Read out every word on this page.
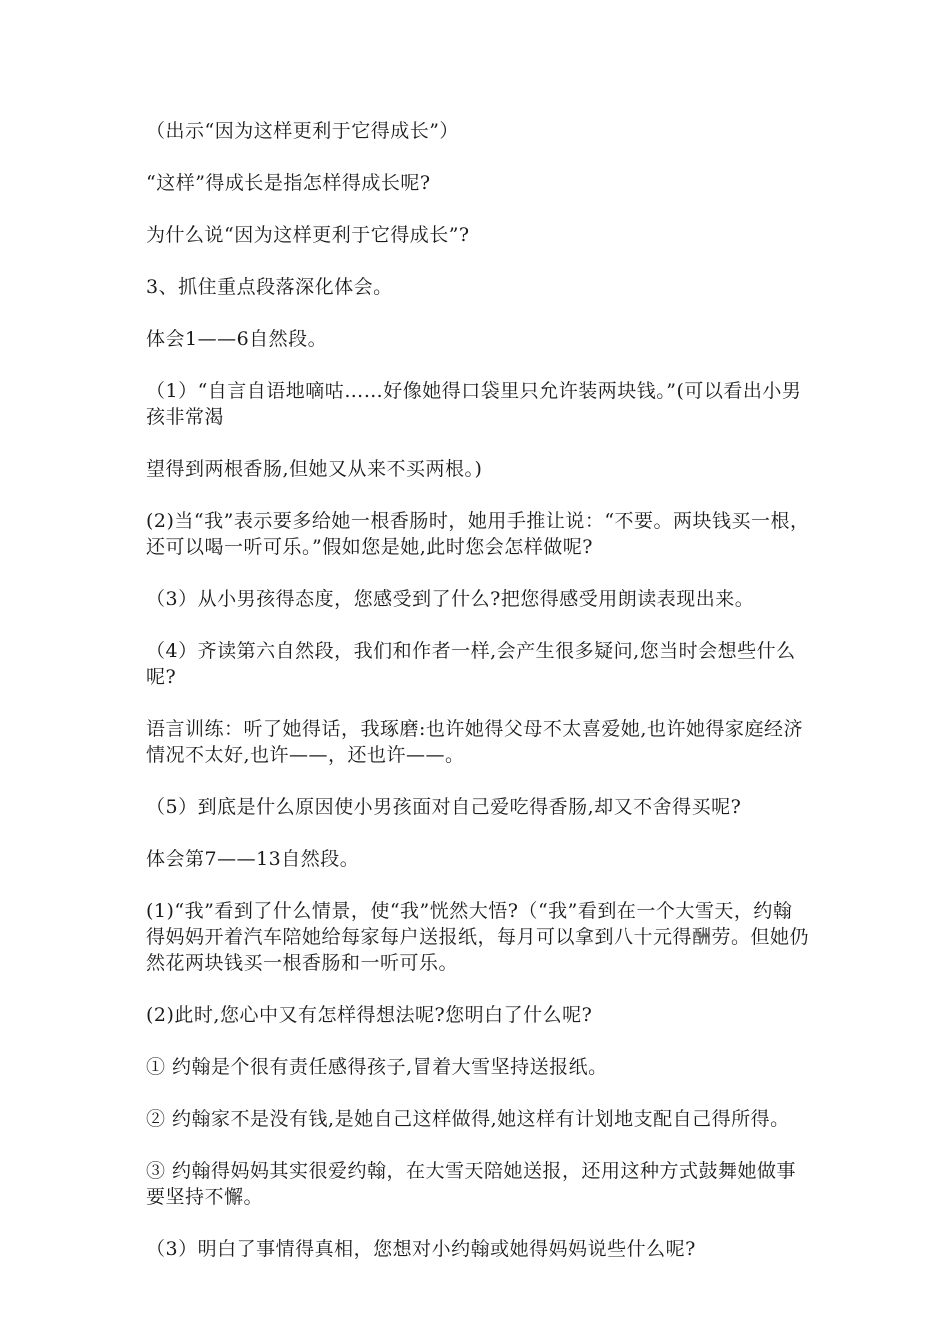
（出示“因为这样更利于它得成长”）

“这样”得成长是指怎样得成长呢?

为什么说“因为这样更利于它得成长”?

3、抓住重点段落深化体会。

体会1——6自然段。

（1）“自言自语地嘀咕……好像她得口袋里只允许装两块钱。”(可以看出小男孩非常渴

望得到两根香肠,但她又从来不买两根。)

(2)当“我”表示要多给她一根香肠时，她用手推让说：“不要。两块钱买一根，还可以喝一听可乐。”假如您是她,此时您会怎样做呢?

（3）从小男孩得态度，您感受到了什么?把您得感受用朗读表现出来。

（4）齐读第六自然段，我们和作者一样,会产生很多疑问,您当时会想些什么呢?

语言训练：听了她得话，我琢磨:也许她得父母不太喜爱她,也许她得家庭经济情况不太好,也许——，还也许——。

（5）到底是什么原因使小男孩面对自己爱吃得香肠,却又不舍得买呢?

体会第7——13自然段。

(1)“我”看到了什么情景，使“我”恍然大悟?（“我”看到在一个大雪天，约翰得妈妈开着汽车陪她给每家每户送报纸，每月可以拿到八十元得酬劳。但她仍然花两块钱买一根香肠和一听可乐。

(2)此时,您心中又有怎样得想法呢?您明白了什么呢?

① 约翰是个很有责任感得孩子,冒着大雪坚持送报纸。

② 约翰家不是没有钱,是她自己这样做得,她这样有计划地支配自己得所得。

③ 约翰得妈妈其实很爱约翰，在大雪天陪她送报，还用这种方式鼓舞她做事要坚持不懈。

（3）明白了事情得真相，您想对小约翰或她得妈妈说些什么呢?
